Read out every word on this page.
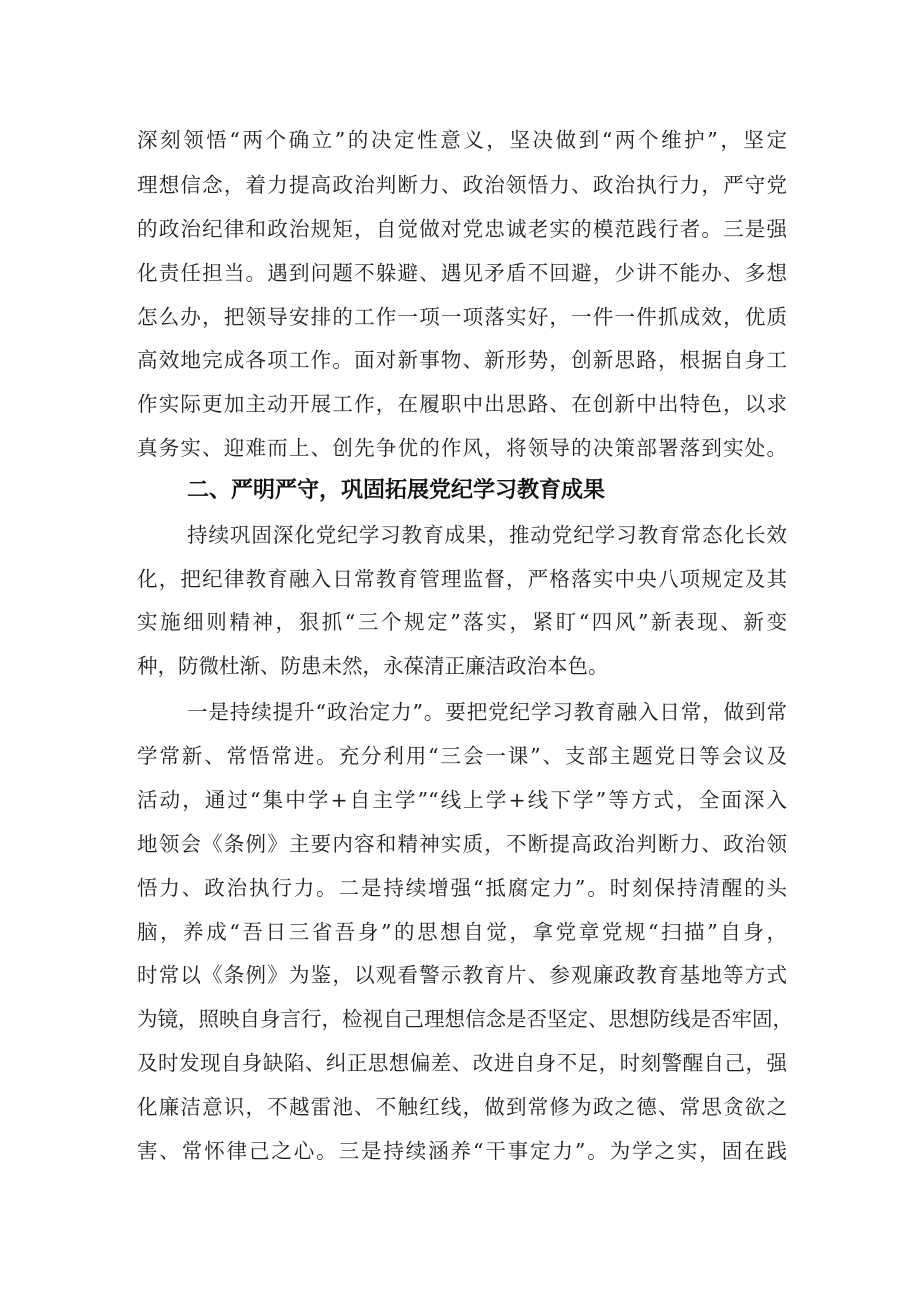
深刻领悟“两个确立”的决定性意义，坚决做到“两个维护”，坚定
理想信念，着力提高政治判断力、政治领悟力、政治执行力，严守党
的政治纪律和政治规矩，自觉做对党忠诚老实的模范践行者。三是强
化责任担当。遇到问题不躲避、遇见矛盾不回避，少讲不能办、多想
怎么办，把领导安排的工作一项一项落实好，一件一件抓成效，优质
高效地完成各项工作。面对新事物、新形势，创新思路，根据自身工
作实际更加主动开展工作，在履职中出思路、在创新中出特色，以求
真务实、迎难而上、创先争优的作风，将领导的决策部署落到实处。
二、严明严守，巩固拓展党纪学习教育成果
持续巩固深化党纪学习教育成果，推动党纪学习教育常态化长效
化，把纪律教育融入日常教育管理监督，严格落实中央八项规定及其
实施细则精神，狠抓“三个规定”落实，紧盯“四风”新表现、新变
种，防微杜渐、防患未然，永葆清正廉洁政治本色。
一是持续提升“政治定力”。要把党纪学习教育融入日常，做到常
学常新、常悟常进。充分利用“三会一课”、支部主题党日等会议及
活动，通过“集中学+自主学”“线上学+线下学”等方式，全面深入
地领会《条例》主要内容和精神实质，不断提高政治判断力、政治领
悟力、政治执行力。二是持续增强“抵腐定力”。时刻保持清醒的头
脑，养成“吾日三省吾身”的思想自觉，拿党章党规“扫描”自身，
时常以《条例》为鉴，以观看警示教育片、参观廉政教育基地等方式
为镜，照映自身言行，检视自己理想信念是否坚定、思想防线是否牢固，
及时发现自身缺陷、纠正思想偏差、改进自身不足，时刻警醒自己，强
化廉洁意识，不越雷池、不触红线，做到常修为政之德、常思贪欲之
害、常怀律己之心。三是持续涵养“干事定力”。为学之实，固在践
